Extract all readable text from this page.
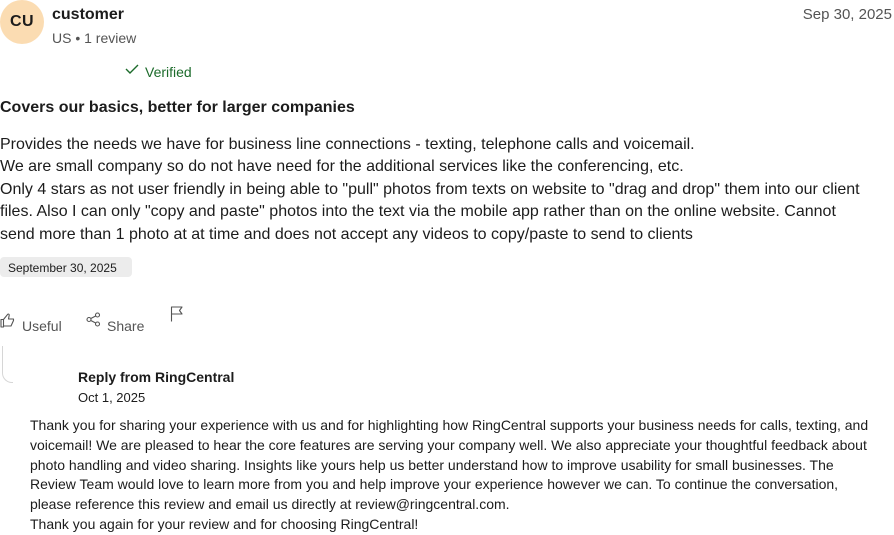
CU	customer
US • 1 review
Sep 30, 2025
Verified
Covers our basics, better for larger companies
Provides the needs we have for business line connections - texting, telephone calls and voicemail.
We are small company so do not have need for the additional services like the conferencing, etc.
Only 4 stars as not user friendly in being able to "pull" photos from texts on website to "drag and drop" them into our client
files. Also I can only "copy and paste" photos into the text via the mobile app rather than on the online website. Cannot
send more than 1 photo at at time and does not accept any videos to copy/paste to send to clients
September 30, 2025
Useful	Share
Reply from RingCentral
Oct 1, 2025
Thank you for sharing your experience with us and for highlighting how RingCentral supports your business needs for calls, texting, and
voicemail! We are pleased to hear the core features are serving your company well. We also appreciate your thoughtful feedback about
photo handling and video sharing. Insights like yours help us better understand how to improve usability for small businesses. The
Review Team would love to learn more from you and help improve your experience however we can. To continue the conversation,
please reference this review and email us directly at review@ringcentral.com.
Thank you again for your review and for choosing RingCentral!
